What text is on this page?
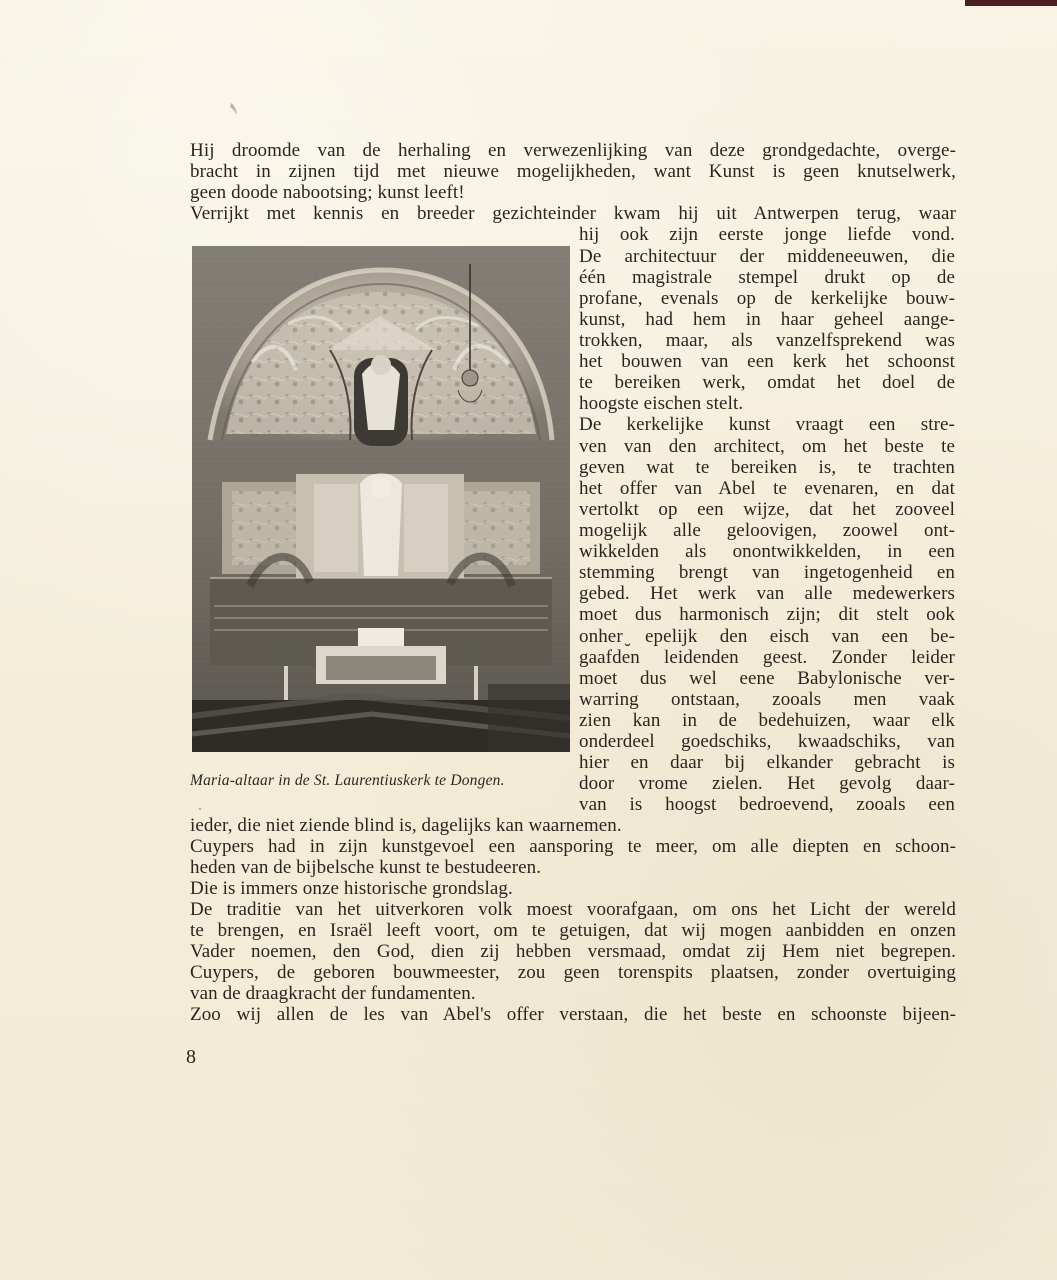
Hij droomde van de herhaling en verwezenlijking van deze grondgedachte, overge-
bracht in zijnen tijd met nieuwe mogelijkheden, want Kunst is geen knutselwerk,
geen doode nabootsing; kunst leeft!
Verrijkt met kennis en breeder gezichteinder kwam hij uit Antwerpen terug, waar
hij ook zijn eerste jonge liefde vond.
De architectuur der middeneeuwen, die
één magistrale stempel drukt op de
profane, evenals op de kerkelijke bouw-
kunst, had hem in haar geheel aange-
trokken, maar, als vanzelfsprekend was
het bouwen van een kerk het schoonst
te bereiken werk, omdat het doel de
hoogste eischen stelt.
De kerkelijke kunst vraagt een stre-
ven van den architect, om het beste te
geven wat te bereiken is, te trachten
het offer van Abel te evenaren, en dat
vertolkt op een wijze, dat het zooveel
mogelijk alle geloovigen, zoowel ont-
wikkelden als onontwikkelden, in een
stemming brengt van ingetogenheid en
gebed. Het werk van alle medewerkers
moet dus harmonisch zijn; dit stelt ook
onher ̮epelijk den eisch van een be-
gaafden leidenden geest. Zonder leider
moet dus wel eene Babylonische ver-
warring ontstaan, zooals men vaak
zien kan in de bedehuizen, waar elk
onderdeel goedschiks, kwaadschiks, van
hier en daar bij elkander gebracht is
door vrome zielen. Het gevolg daar-
van is hoogst bedroevend, zooals een
ieder, die niet ziende blind is, dagelijks kan waarnemen.
Cuypers had in zijn kunstgevoel een aansporing te meer, om alle diepten en schoon-
heden van de bijbelsche kunst te bestudeeren.
Die is immers onze historische grondslag.
De traditie van het uitverkoren volk moest voorafgaan, om ons het Licht der wereld
te brengen, en Israël leeft voort, om te getuigen, dat wij mogen aanbidden en onzen
Vader noemen, den God, dien zij hebben versmaad, omdat zij Hem niet begrepen.
Cuypers, de geboren bouwmeester, zou geen torenspits plaatsen, zonder overtuiging
van de draagkracht der fundamenten.
Zoo wij allen de les van Abel's offer verstaan, die het beste en schoonste bijeen-
Maria-altaar in de St. Laurentiuskerk te Dongen.
8
